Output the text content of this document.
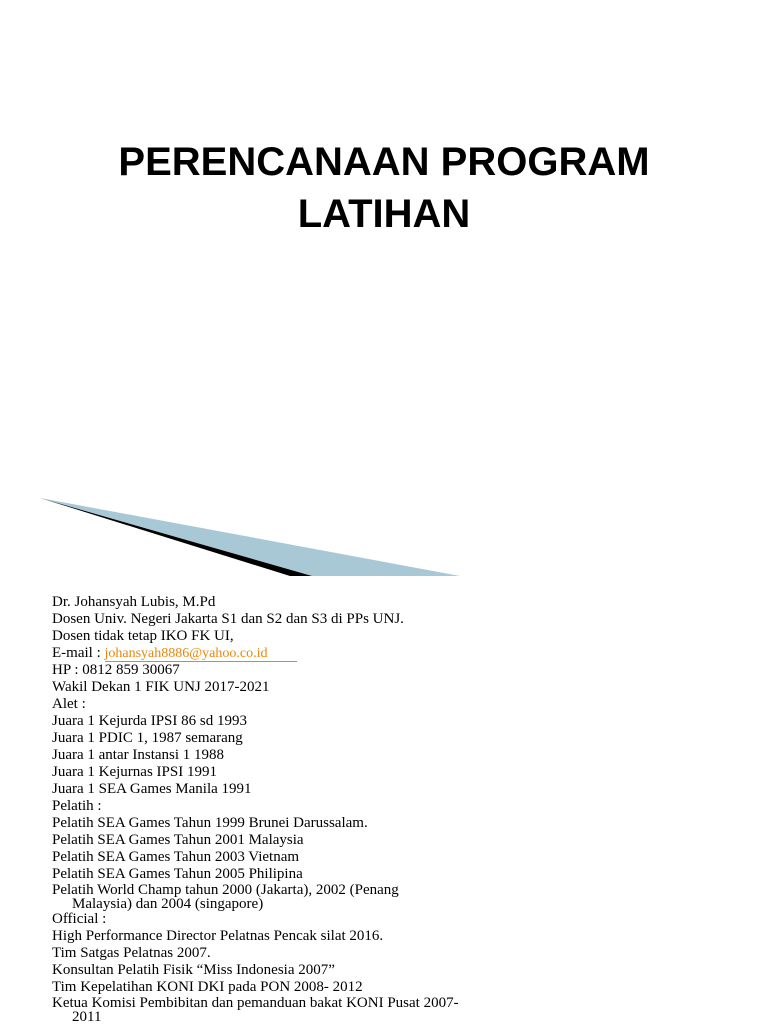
PERENCANAAN PROGRAM
LATIHAN
Dr. Johansyah Lubis, M.Pd
Dosen Univ. Negeri Jakarta S1 dan S2 dan S3 di PPs UNJ.
Dosen tidak tetap IKO FK UI,
E-mail : johansyah8886@yahoo.co.id
HP : 0812 859 30067
Wakil Dekan 1 FIK UNJ 2017-2021
Alet :
Juara 1 Kejurda IPSI 86 sd 1993
Juara 1 PDIC 1, 1987 semarang
Juara 1 antar Instansi 1 1988
Juara 1 Kejurnas IPSI 1991
Juara 1 SEA Games Manila 1991
Pelatih :
Pelatih SEA Games Tahun 1999 Brunei Darussalam.
Pelatih SEA Games Tahun 2001 Malaysia
Pelatih SEA Games Tahun 2003 Vietnam
Pelatih SEA Games Tahun 2005 Philipina
Pelatih World Champ tahun 2000 (Jakarta), 2002 (Penang Malaysia) dan 2004 (singapore)
Official :
High Performance Director Pelatnas Pencak silat 2016.
Tim Satgas Pelatnas 2007.
Konsultan Pelatih Fisik “Miss Indonesia 2007”
Tim Kepelatihan KONI DKI pada PON 2008- 2012
Ketua Komisi Pembibitan dan pemanduan bakat KONI Pusat 2007-2011
